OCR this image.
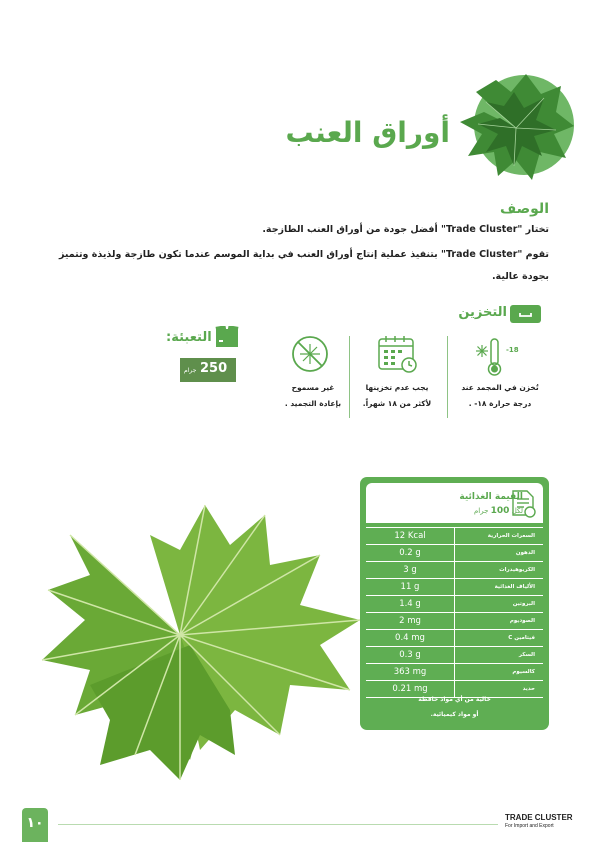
أوراق العنب
الوصف
تختار "Trade Cluster" أفضل جودة من أوراق العنب الطازجة.
تقوم "Trade Cluster" بتنفيذ عملية إنتاج أوراق العنب في بداية الموسم عندما تكون طازجة ولذيذة وتتميز بجودة عالية.
التخزين
-18
تُخزن في المجمد عند
درجة حرارة ١٨- .
يجب عدم تخزينها
لأكثر من ١٨ شهراً.
غير مسموح
بإعادة التجميد .
التعبئة:
250
جرام
القيمة الغذائية
لكل 100 جرام
12 Kcal	السعرات الحرارية
0.2 g	الدهون
3 g	الكربوهيدرات
11 g	الألياف الغذائية
1.4 g	البروتين
2 mg	الصوديوم
0.4 mg	فيتامين C
0.3 g	السكر
363 mg	كالسيوم
0.21 mg	حديد
خالية من أي مواد حافظة
أو مواد كيميائية.
١٠	TRADE CLUSTER
For Import and Export
